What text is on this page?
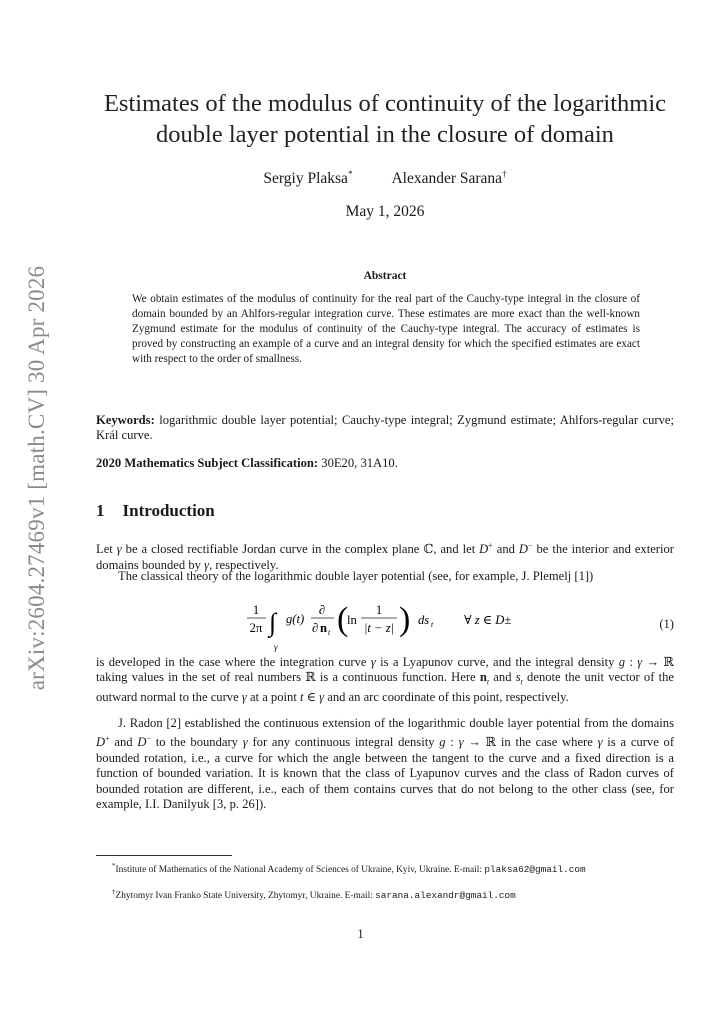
arXiv:2604.27469v1 [math.CV] 30 Apr 2026
Estimates of the modulus of continuity of the logarithmic double layer potential in the closure of domain
Sergiy Plaksa*	Alexander Sarana†
May 1, 2026
Abstract
We obtain estimates of the modulus of continuity for the real part of the Cauchy-type integral in the closure of domain bounded by an Ahlfors-regular integration curve. These estimates are more exact than the well-known Zygmund estimate for the modulus of continuity of the Cauchy-type integral. The accuracy of estimates is proved by constructing an example of a curve and an integral density for which the specified estimates are exact with respect to the order of smallness.
Keywords: logarithmic double layer potential; Cauchy-type integral; Zygmund estimate; Ahlfors-regular curve; Král curve.
2020 Mathematics Subject Classification: 30E20, 31A10.
1 Introduction
Let γ be a closed rectifiable Jordan curve in the complex plane ℂ, and let D+ and D− be the interior and exterior domains bounded by γ, respectively.
The classical theory of the logarithmic double layer potential (see, for example, J. Plemelj [1])
1
2π ∫
γ
g(t)
∂
∂ n t (
ln
1
|t − z| ) ds t ∀ z ∈ D±	(1)
is developed in the case where the integration curve γ is a Lyapunov curve, and the integral density g : γ → ℝ taking values in the set of real numbers ℝ is a continuous function. Here $n_t$ and $s_t$ denote the unit vector of the outward normal to the curve γ at a point t ∈ γ and an arc coordinate of this point, respectively.
J. Radon [2] established the continuous extension of the logarithmic double layer potential from the domains D+ and D− to the boundary γ for any continuous integral density g : γ → ℝ in the case where γ is a curve of bounded rotation, i.e., a curve for which the angle between the tangent to the curve and a fixed direction is a function of bounded variation. It is known that the class of Lyapunov curves and the class of Radon curves of bounded rotation are different, i.e., each of them contains curves that do not belong to the other class (see, for example, I.I. Danilyuk [3, p. 26]).
*Institute of Mathematics of the National Academy of Sciences of Ukraine, Kyiv, Ukraine. E-mail: plaksa62@gmail.com
†Zhytomyr Ivan Franko State University, Zhytomyr, Ukraine. E-mail: sarana.alexandr@gmail.com
1
